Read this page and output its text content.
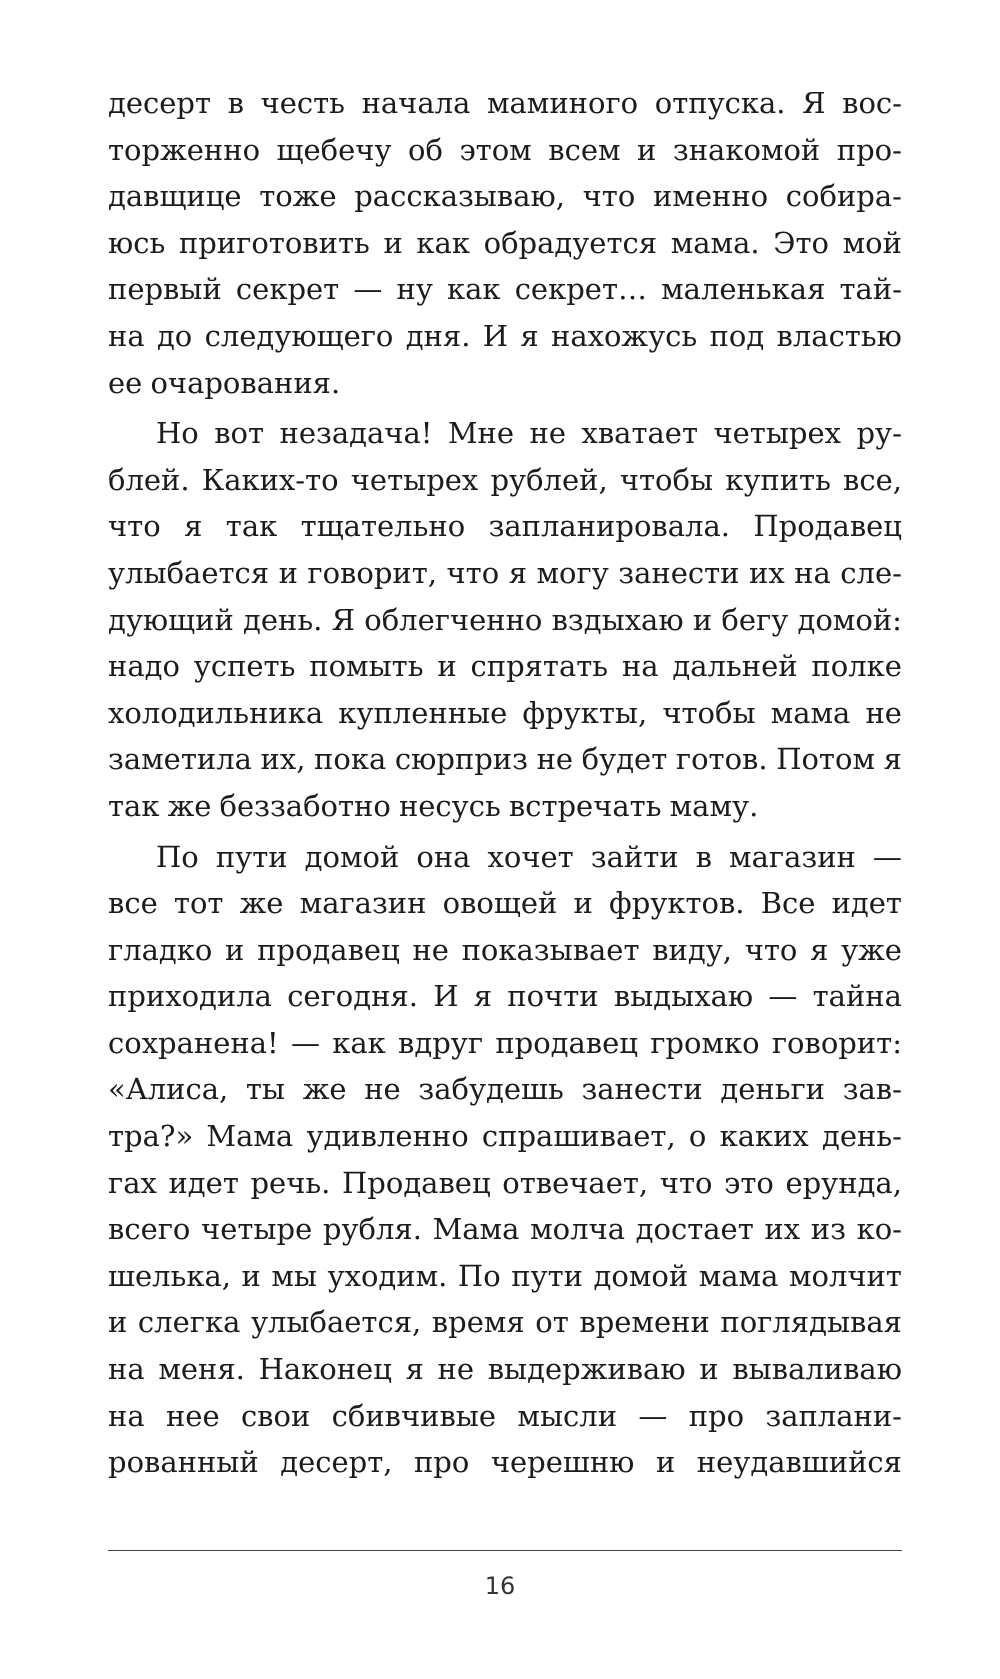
десерт в честь начала маминого отпуска. Я вос-
торженно щебечу об этом всем и знакомой про-
давщице тоже рассказываю, что именно собира-
юсь приготовить и как обрадуется мама. Это мой
первый секрет — ну как секрет… маленькая тай-
на до следующего дня. И я нахожусь под властью
ее очарования.
Но вот незадача! Мне не хватает четырех ру-
блей. Каких-то четырех рублей, чтобы купить все,
что я так тщательно запланировала. Продавец
улыбается и говорит, что я могу занести их на сле-
дующий день. Я облегченно вздыхаю и бегу домой:
надо успеть помыть и спрятать на дальней полке
холодильника купленные фрукты, чтобы мама не
заметила их, пока сюрприз не будет готов. Потом я
так же беззаботно несусь встречать маму.
По пути домой она хочет зайти в магазин —
все тот же магазин овощей и фруктов. Все идет
гладко и продавец не показывает виду, что я уже
приходила сегодня. И я почти выдыхаю — тайна
сохранена! — как вдруг продавец громко говорит:
«Алиса, ты же не забудешь занести деньги зав-
тра?» Мама удивленно спрашивает, о каких день-
гах идет речь. Продавец отвечает, что это ерунда,
всего четыре рубля. Мама молча достает их из ко-
шелька, и мы уходим. По пути домой мама молчит
и слегка улыбается, время от времени поглядывая
на меня. Наконец я не выдерживаю и вываливаю
на нее свои сбивчивые мысли — про заплани-
рованный десерт, про черешню и неудавшийся
16
